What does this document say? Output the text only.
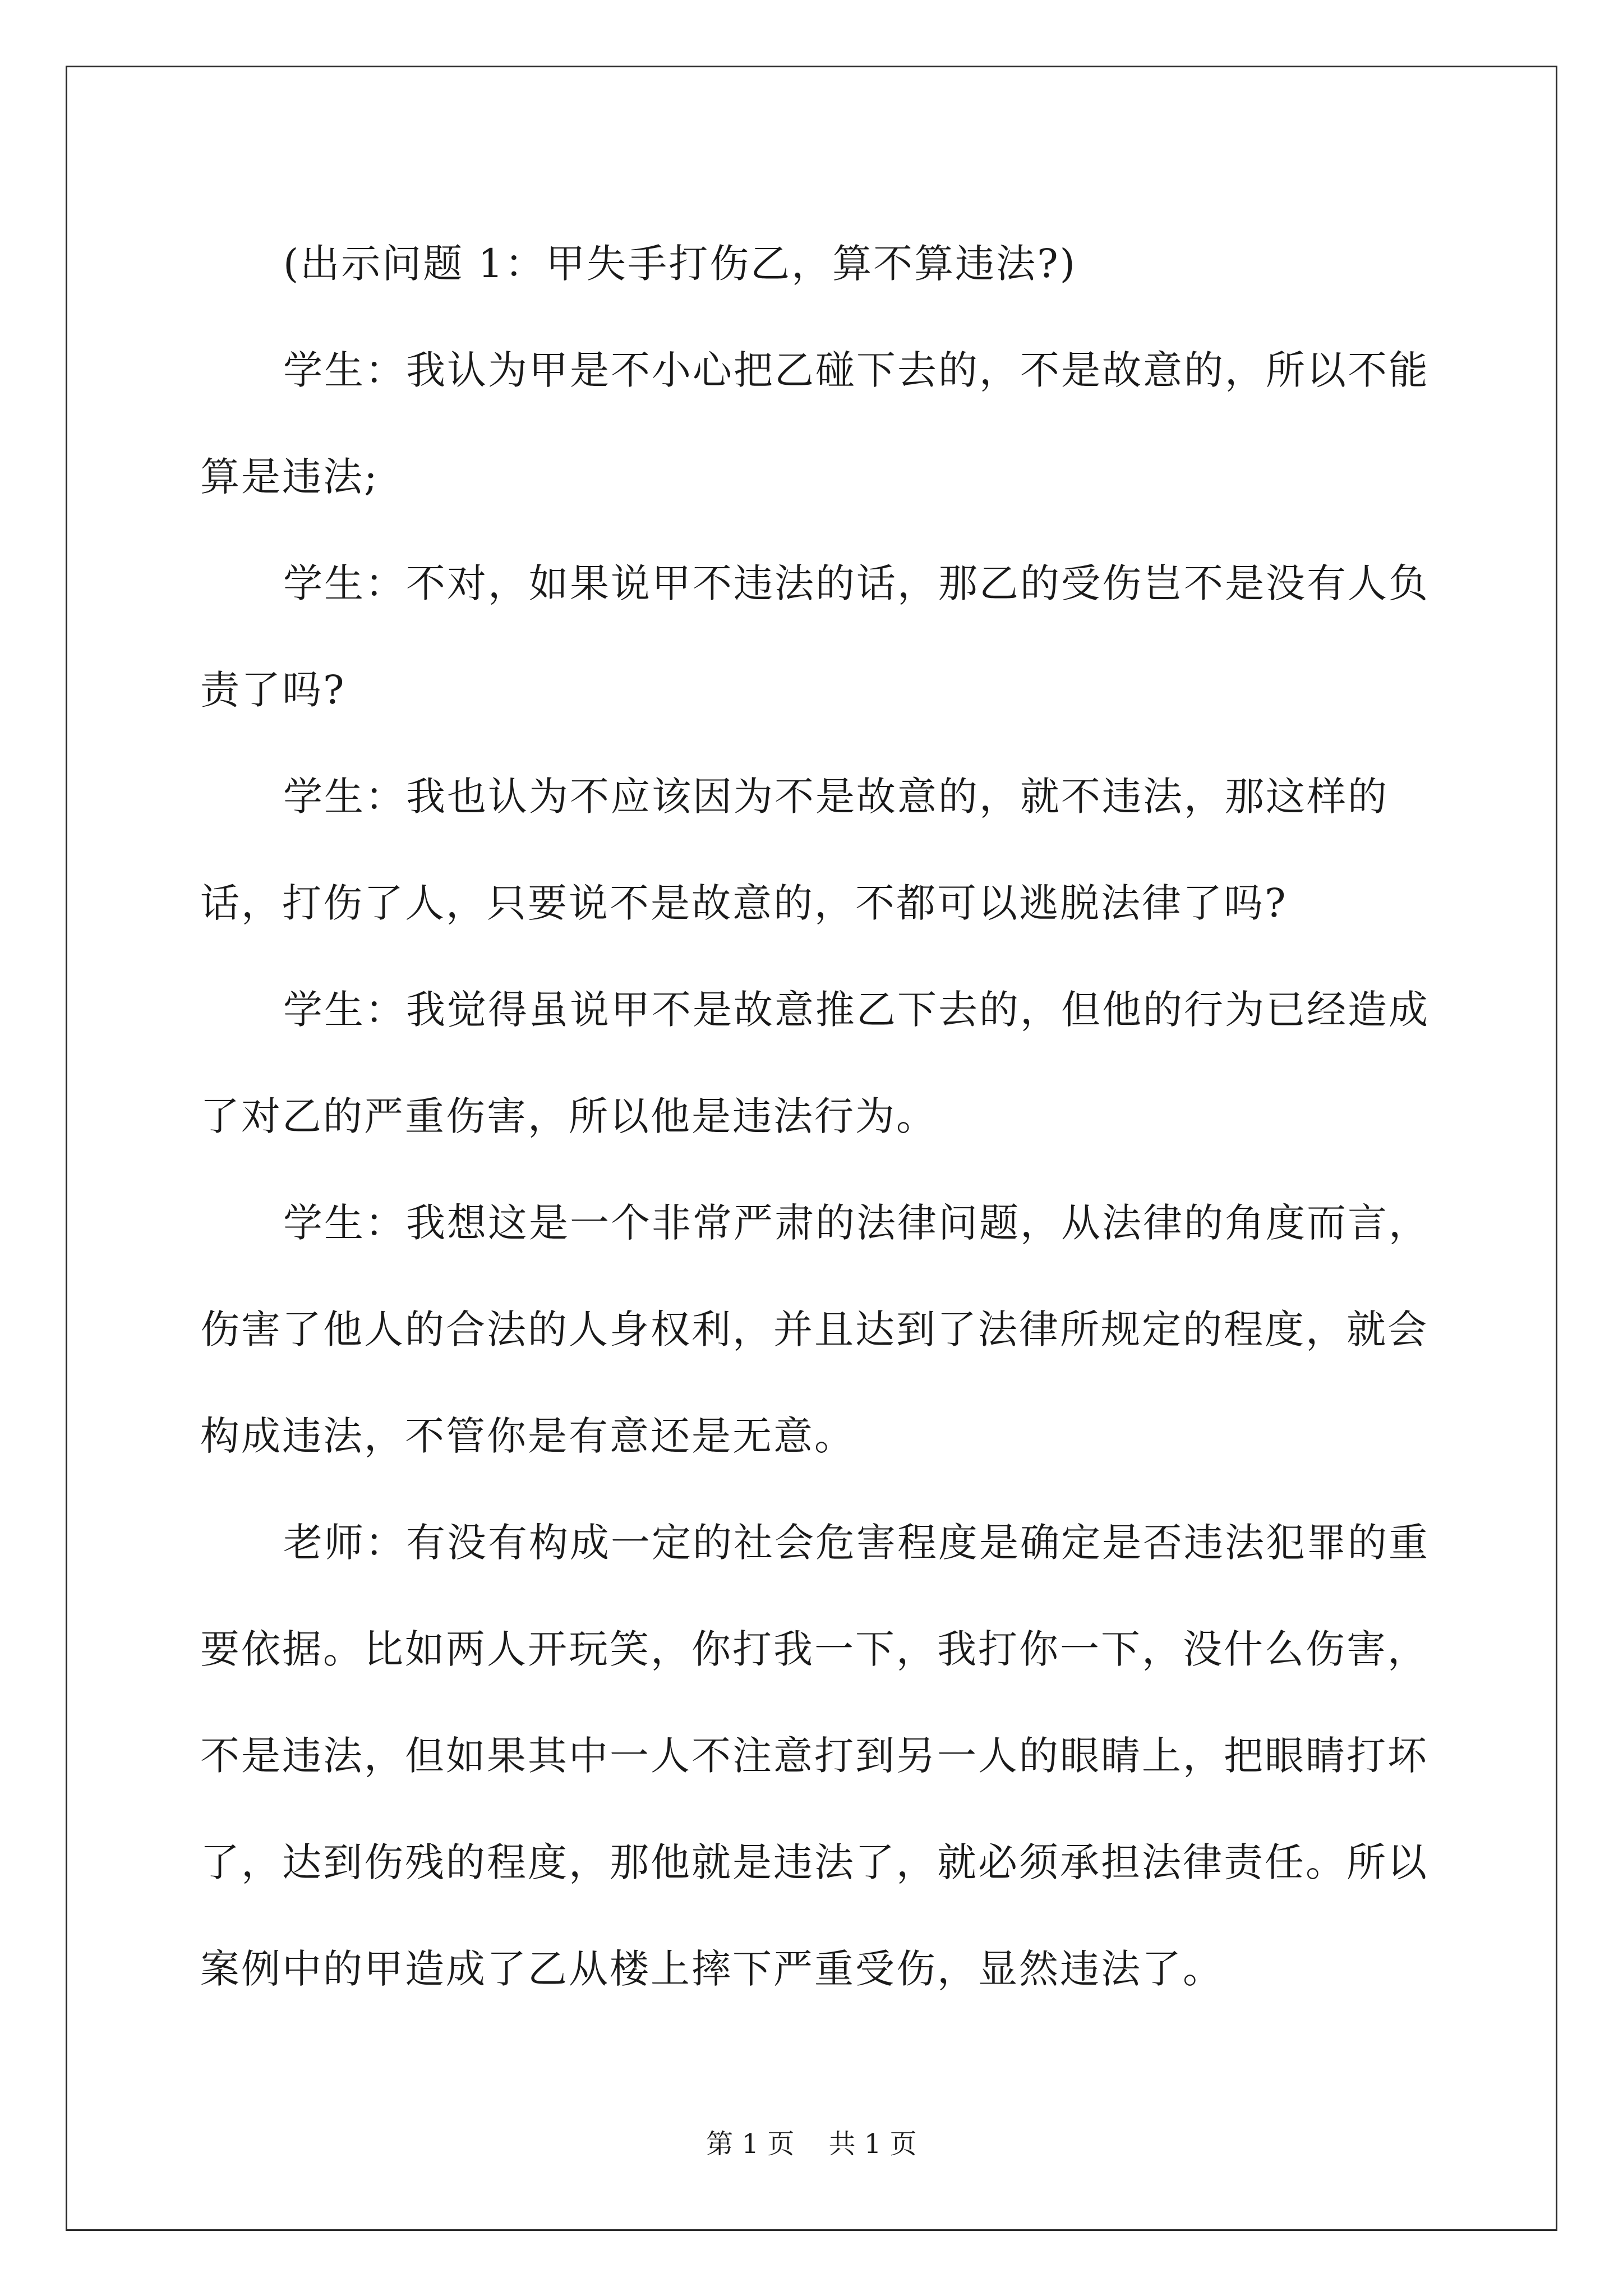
(出示问题 1：甲失手打伤乙，算不算违法?)

学生：我认为甲是不小心把乙碰下去的，不是故意的，所以不能算是违法;

学生：不对，如果说甲不违法的话，那乙的受伤岂不是没有人负责了吗?

学生：我也认为不应该因为不是故意的，就不违法，那这样的话，打伤了人，只要说不是故意的，不都可以逃脱法律了吗?

学生：我觉得虽说甲不是故意推乙下去的，但他的行为已经造成了对乙的严重伤害，所以他是违法行为。

学生：我想这是一个非常严肃的法律问题，从法律的角度而言，伤害了他人的合法的人身权利，并且达到了法律所规定的程度，就会构成违法，不管你是有意还是无意。

老师：有没有构成一定的社会危害程度是确定是否违法犯罪的重要依据。比如两人开玩笑，你打我一下，我打你一下，没什么伤害，不是违法，但如果其中一人不注意打到另一人的眼睛上，把眼睛打坏了，达到伤残的程度，那他就是违法了，就必须承担法律责任。所以案例中的甲造成了乙从楼上摔下严重受伤，显然违法了。

第 1 页 共 1 页
